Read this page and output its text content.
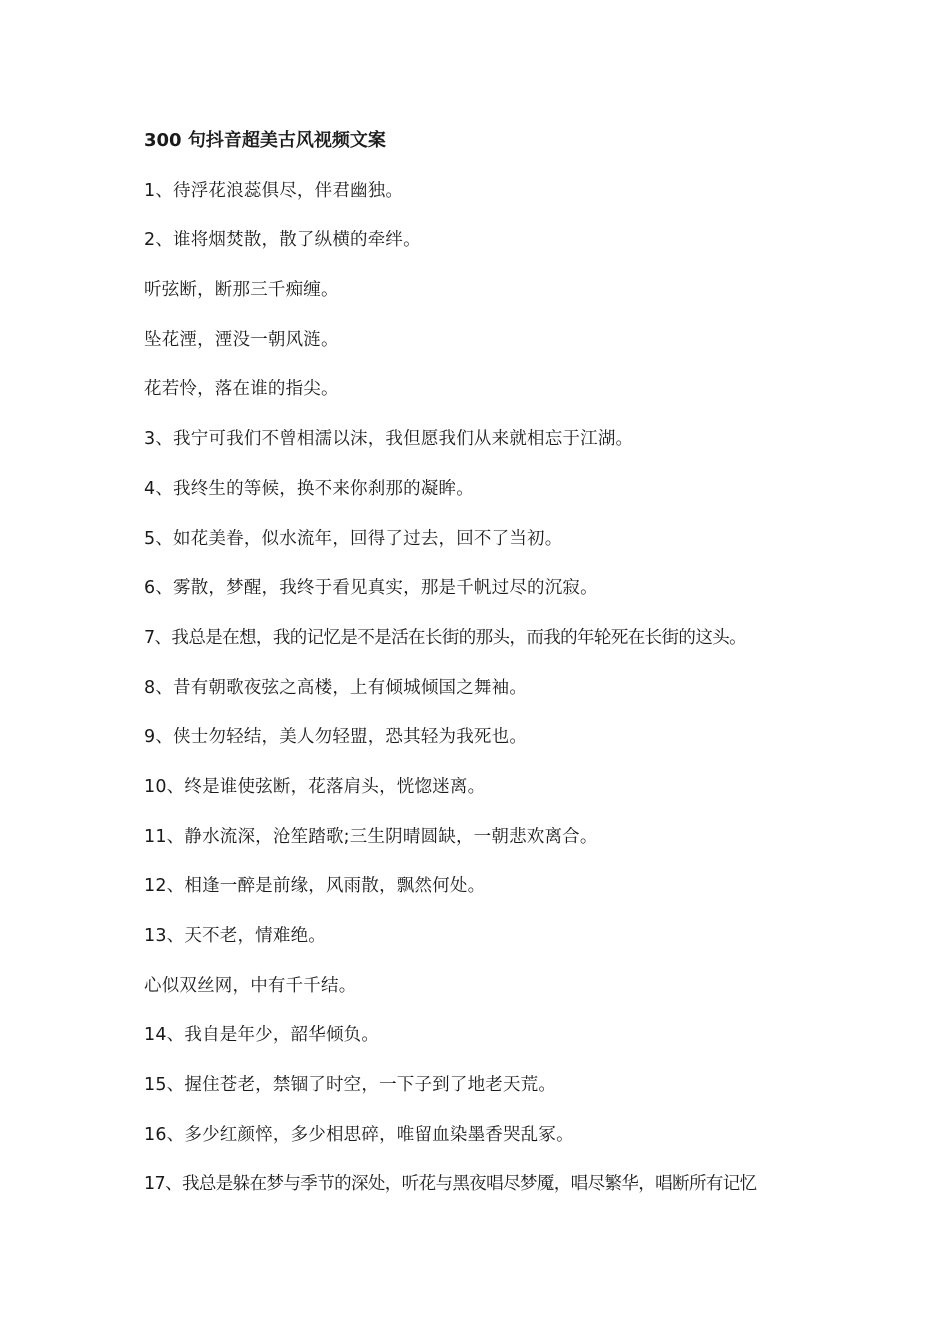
300 句抖音超美古风视频文案
1、待浮花浪蕊俱尽，伴君幽独。
2、谁将烟焚散，散了纵横的牵绊。
听弦断，断那三千痴缠。
坠花湮，湮没一朝风涟。
花若怜，落在谁的指尖。
3、我宁可我们不曾相濡以沫，我但愿我们从来就相忘于江湖。
4、我终生的等候，换不来你刹那的凝眸。
5、如花美眷，似水流年，回得了过去，回不了当初。
6、雾散，梦醒，我终于看见真实，那是千帆过尽的沉寂。
7、我总是在想，我的记忆是不是活在长街的那头，而我的年轮死在长街的这头。
8、昔有朝歌夜弦之高楼，上有倾城倾国之舞袖。
9、侠士勿轻结，美人勿轻盟，恐其轻为我死也。
10、终是谁使弦断，花落肩头，恍惚迷离。
11、静水流深，沧笙踏歌;三生阴晴圆缺，一朝悲欢离合。
12、相逢一醉是前缘，风雨散，飘然何处。
13、天不老，情难绝。
心似双丝网，中有千千结。
14、我自是年少，韶华倾负。
15、握住苍老，禁锢了时空，一下子到了地老天荒。
16、多少红颜悴，多少相思碎，唯留血染墨香哭乱冢。
17、我总是躲在梦与季节的深处，听花与黑夜唱尽梦魇，唱尽繁华，唱断所有记忆
